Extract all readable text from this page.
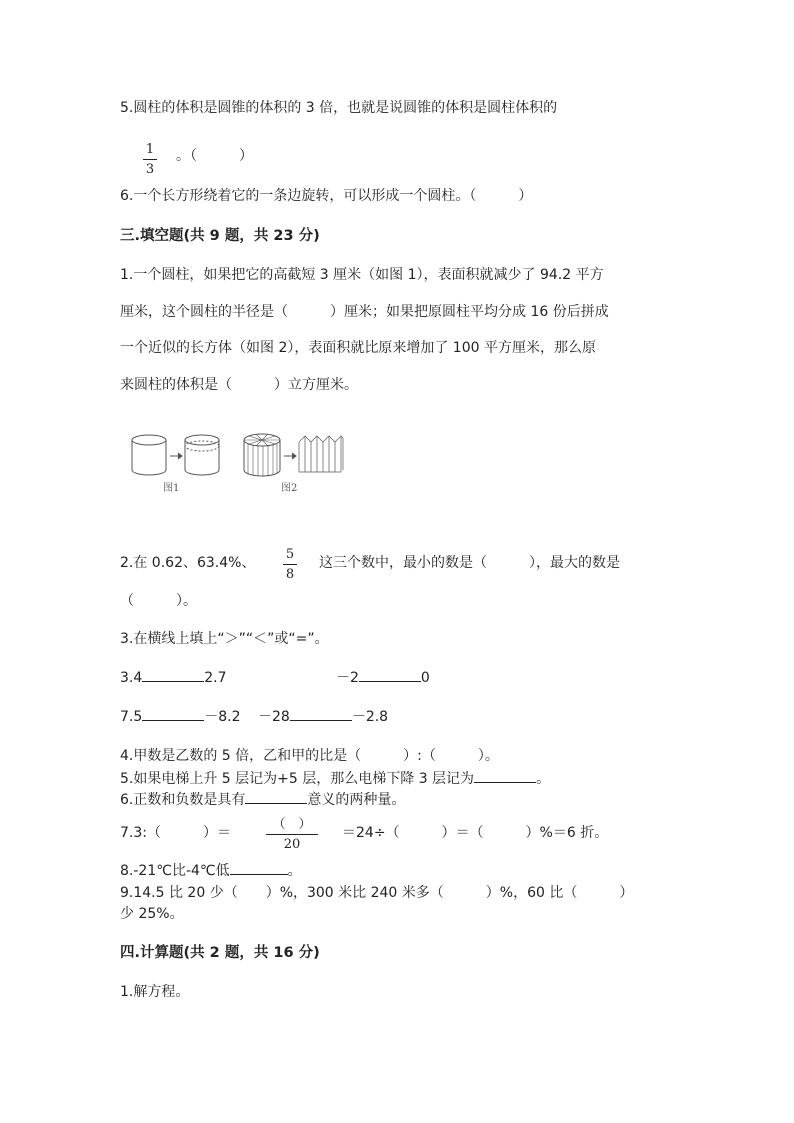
5.圆柱的体积是圆锥的体积的 3 倍，也就是说圆锥的体积是圆柱体积的
1
3
。（　　　）
6.一个长方形绕着它的一条边旋转，可以形成一个圆柱。（　　　）
三.填空题(共 9 题，共 23 分)
1.一个圆柱，如果把它的高截短 3 厘米（如图 1），表面积就减少了 94.2 平方
厘米，这个圆柱的半径是（　　　）厘米；如果把原圆柱平均分成 16 份后拼成
一个近似的长方体（如图 2），表面积就比原来增加了 100 平方厘米，那么原
来圆柱的体积是（　　　）立方厘米。
图1	图2
2.在 0.62、63.4%、
5
8
这三个数中，最小的数是（　　　），最大的数是
（　　　）。
3.在横线上填上“＞”“＜”或“=”。
3.4	2.7	－2	0
7.5	－8.2 －28	－2.8
4.甲数是乙数的 5 倍，乙和甲的比是（　　　）:（　　　）。
5.如果电梯上升 5 层记为+5 层，那么电梯下降 3 层记为	。
6.正数和负数是具有	意义的两种量。
7.3:（　　　）＝
（　）
20
＝24÷（　　　）＝（　　　）%＝6 折。
8.-21℃比-4℃低	。
9.14.5 比 20 少（　　）%，300 米比 240 米多（　　　）%，60 比（　　　）
少 25%。
四.计算题(共 2 题，共 16 分)
1.解方程。
